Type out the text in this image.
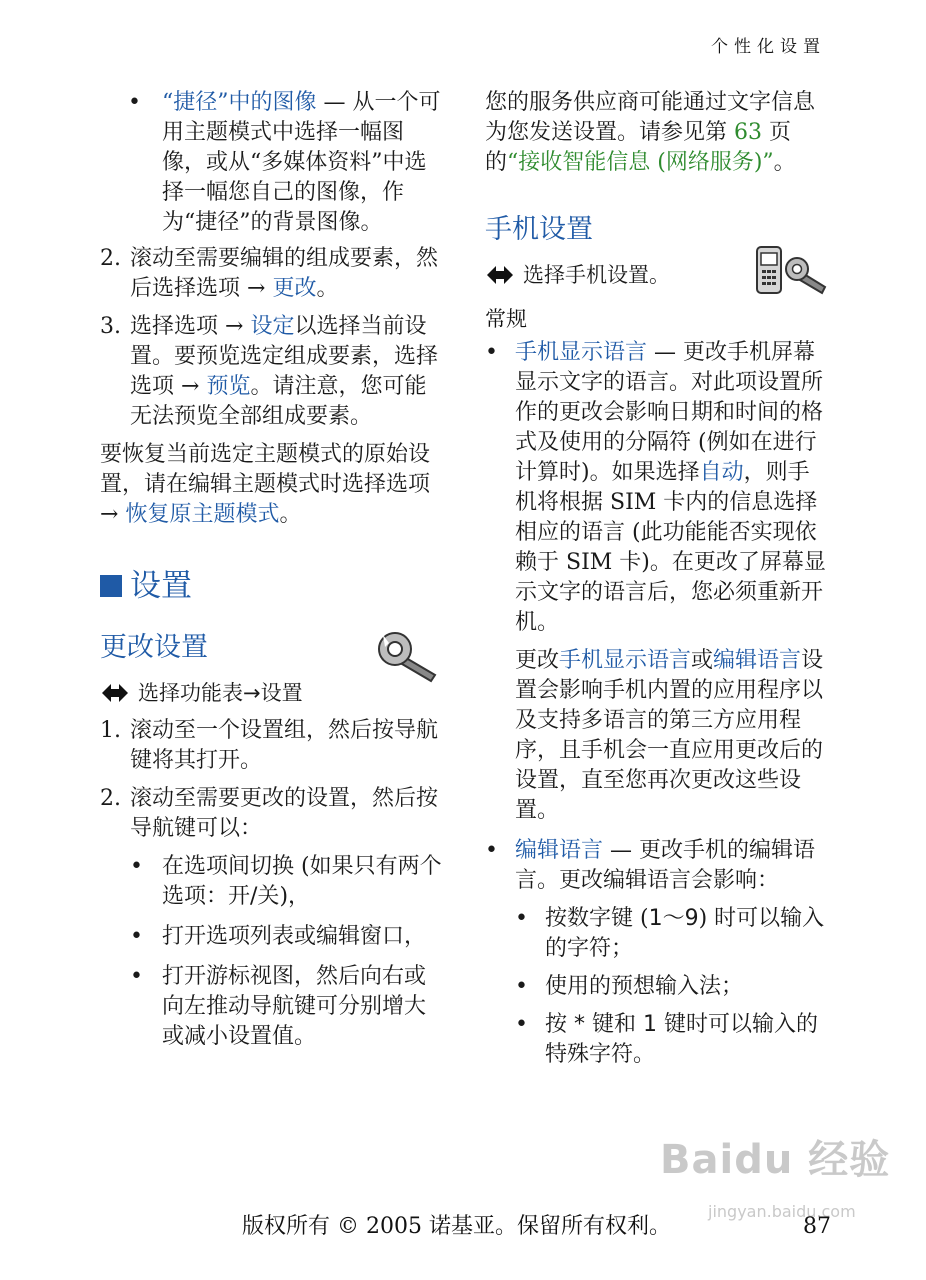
个性化设置
• “捷径”中的图像 — 从一个可用主题模式中选择一幅图像，或从“多媒体资料”中选择一幅您自己的图像，作为“捷径”的背景图像。
2. 滚动至需要编辑的组成要素，然后选择选项 → 更改。
3. 选择选项 → 设定以选择当前设置。要预览选定组成要素，选择选项 → 预览。请注意，您可能无法预览全部组成要素。
要恢复当前选定主题模式的原始设置，请在编辑主题模式时选择选项 → 恢复原主题模式。
设置
更改设置
选择 功能表 → 设置
1. 滚动至一个设置组，然后按导航键将其打开。
2. 滚动至需要更改的设置，然后按导航键可以：
• 在选项间切换 (如果只有两个选项：开/关)，
• 打开选项列表或编辑窗口，
• 打开游标视图，然后向右或向左推动导航键可分别增大或减小设置值。
您的服务供应商可能通过文字信息为您发送设置。请参见第 63 页的“接收智能信息 (网络服务)”。
手机设置
选择 手机设置 。
常规
• 手机显示语言 — 更改手机屏幕显示文字的语言。对此项设置所作的更改会影响日期和时间的格式及使用的分隔符 (例如在进行计算时)。如果选择自动，则手机将根据 SIM 卡内的信息选择相应的语言 (此功能能否实现依赖于 SIM 卡)。在更改了屏幕显示文字的语言后，您必须重新开机。
更改手机显示语言或编辑语言设置会影响手机内置的应用程序以及支持多语言的第三方应用程序，且手机会一直应用更改后的设置，直至您再次更改这些设置。
• 编辑语言 — 更改手机的编辑语言。更改编辑语言会影响：
• 按数字键 (1～9) 时可以输入的字符；
• 使用的预想输入法；
• 按 * 键和 1 键时可以输入的特殊字符。
Baidu 经验
jingyan.baidu.com
版权所有 © 2005 诺基亚。保留所有权利。	87
